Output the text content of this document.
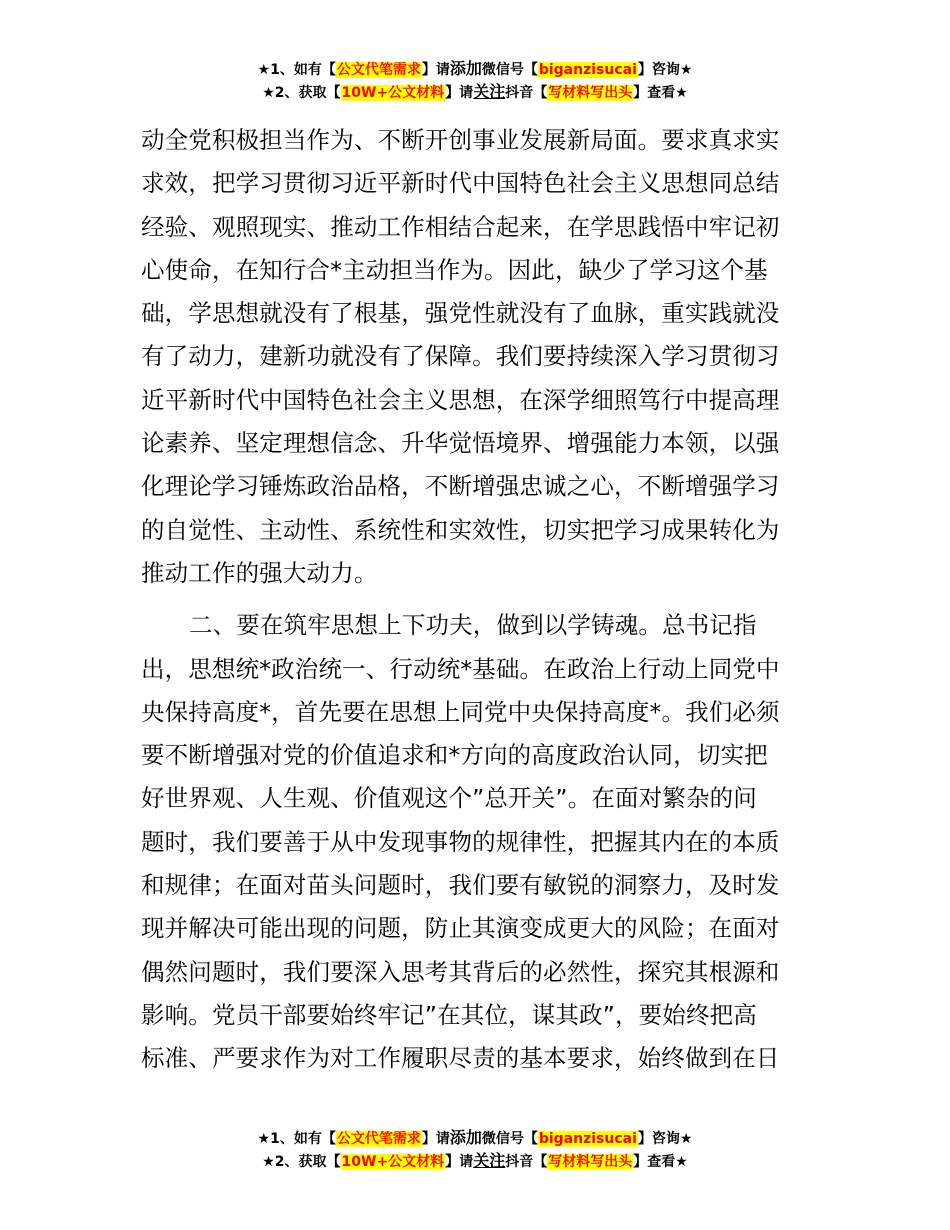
★1、如有【公文代笔需求】请添加微信号【biganzisucai】咨询★
★2、获取【10W+公文材料】请关注抖音【写材料写出头】查看★

动全党积极担当作为、不断开创事业发展新局面。要求真求实
求效，把学习贯彻习近平新时代中国特色社会主义思想同总结
经验、观照现实、推动工作相结合起来，在学思践悟中牢记初
心使命，在知行合*主动担当作为。因此，缺少了学习这个基
础，学思想就没有了根基，强党性就没有了血脉，重实践就没
有了动力，建新功就没有了保障。我们要持续深入学习贯彻习
近平新时代中国特色社会主义思想，在深学细照笃行中提高理
论素养、坚定理想信念、升华觉悟境界、增强能力本领，以强
化理论学习锤炼政治品格，不断增强忠诚之心，不断增强学习
的自觉性、主动性、系统性和实效性，切实把学习成果转化为
推动工作的强大动力。

二、要在筑牢思想上下功夫，做到以学铸魂。总书记指
出，思想统*政治统一、行动统*基础。在政治上行动上同党中
央保持高度*，首先要在思想上同党中央保持高度*。我们必须
要不断增强对党的价值追求和*方向的高度政治认同，切实把
好世界观、人生观、价值观这个”总开关”。在面对繁杂的问
题时，我们要善于从中发现事物的规律性，把握其内在的本质
和规律；在面对苗头问题时，我们要有敏锐的洞察力，及时发
现并解决可能出现的问题，防止其演变成更大的风险；在面对
偶然问题时，我们要深入思考其背后的必然性，探究其根源和
影响。党员干部要始终牢记”在其位，谋其政”，要始终把高
标准、严要求作为对工作履职尽责的基本要求，始终做到在日

★1、如有【公文代笔需求】请添加微信号【biganzisucai】咨询★
★2、获取【10W+公文材料】请关注抖音【写材料写出头】查看★
